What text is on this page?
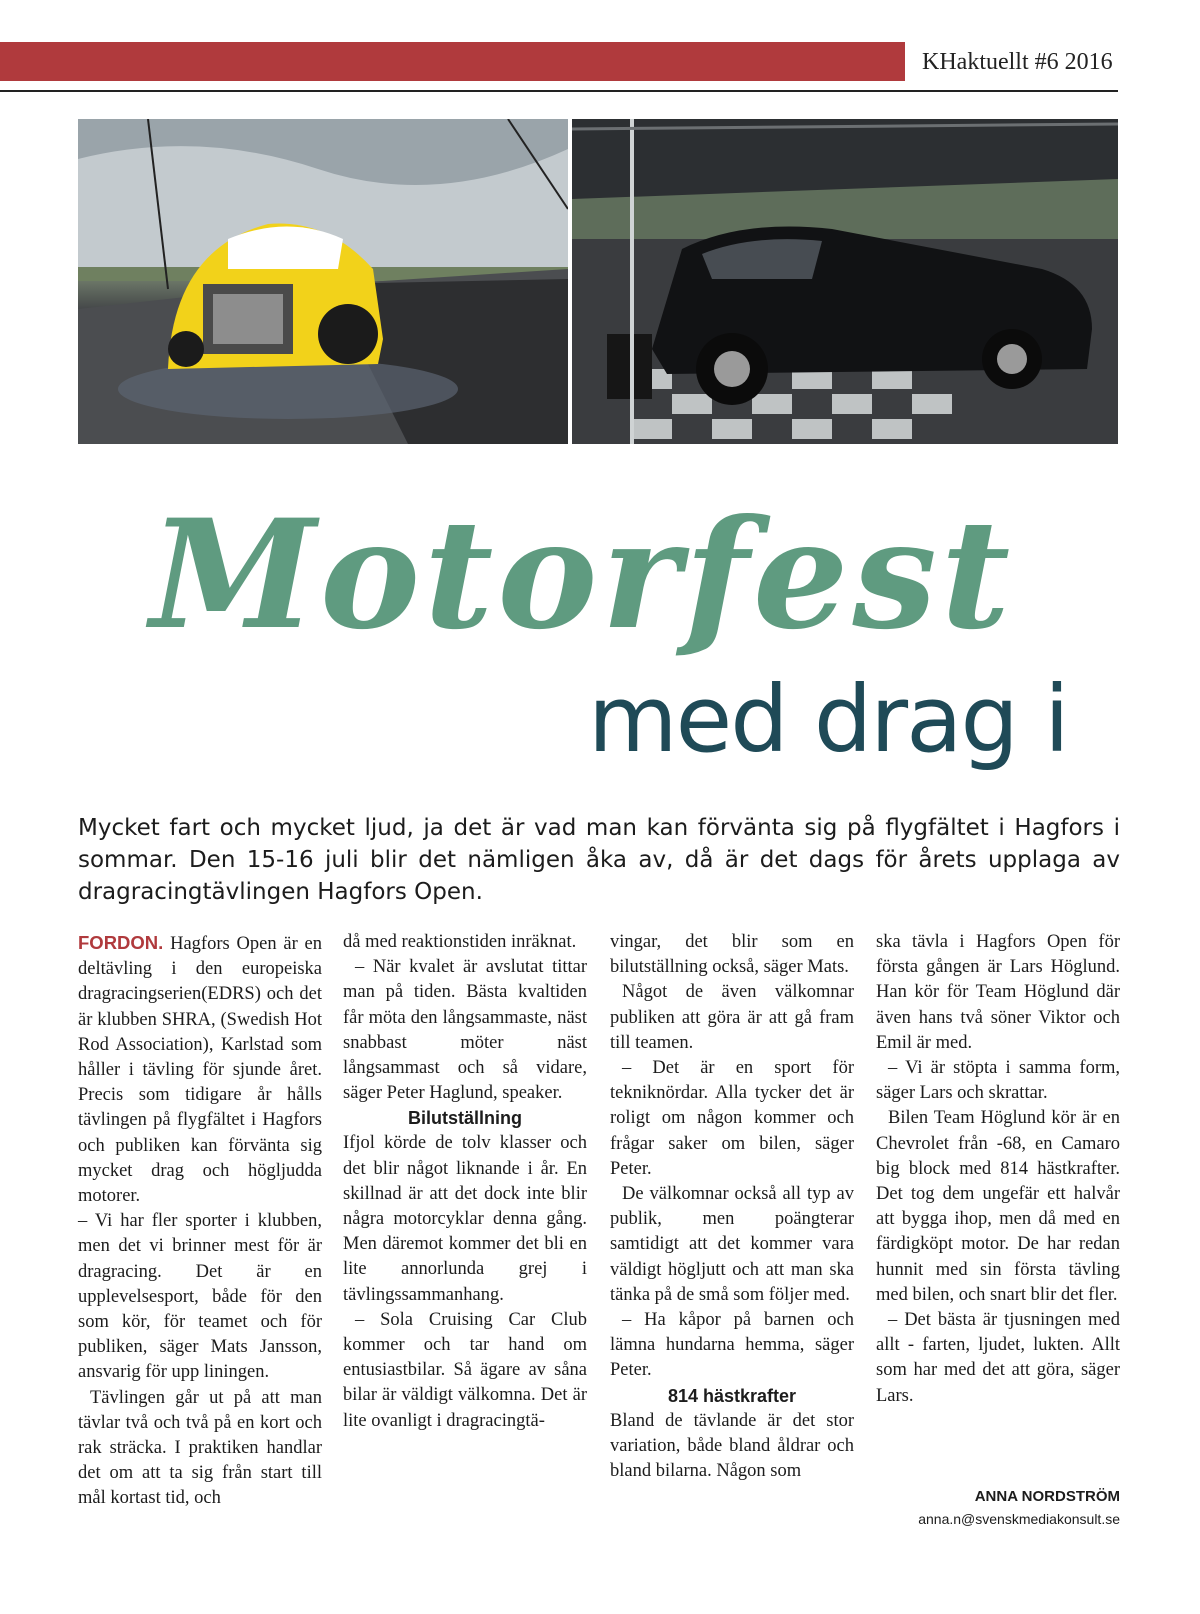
KHaktuellt #6 2016
Motorfest
med drag i
Mycket fart och mycket ljud, ja det är vad man kan förvänta sig på flygfältet i Hagfors i sommar. Den 15-16 juli blir det nämligen åka av, då är det dags för årets upplaga av dragracingtävlingen Hagfors Open.

FORDON. Hagfors Open är en deltävling i den europeiska dragracingserien(EDRS) och det är klubben SHRA, (Swedish Hot Rod Association), Karlstad som håller i tävling för sjunde året. Precis som tidigare år hålls tävlingen på flygfältet i Hagfors och publiken kan förvänta sig mycket drag och högljudda motorer.

– Vi har fler sporter i klubben, men det vi brinner mest för är dragracing. Det är en upplevelsesport, både för den som kör, för teamet och för publiken, säger Mats Jansson, ansvarig för upp liningen.

Tävlingen går ut på att man tävlar två och två på en kort och rak sträcka. I praktiken handlar det om att ta sig från start till mål kortast tid, och

då med reaktionstiden inräknat.

– När kvalet är avslutat tittar man på tiden. Bästa kvaltiden får möta den långsammaste, näst snabbast möter näst långsammast och så vidare, säger Peter Haglund, speaker.

Bilutställning

Ifjol körde de tolv klasser och det blir något liknande i år. En skillnad är att det dock inte blir några motorcyklar denna gång. Men däremot kommer det bli en lite annorlunda grej i tävlingssammanhang.

– Sola Cruising Car Club kommer och tar hand om entusiastbilar. Så ägare av såna bilar är väldigt välkomna. Det är lite ovanligt i dragracingtä-

vingar, det blir som en bilutställning också, säger Mats.

Något de även välkomnar publiken att göra är att gå fram till teamen.

– Det är en sport för tekniknördar. Alla tycker det är roligt om någon kommer och frågar saker om bilen, säger Peter.

De välkomnar också all typ av publik, men poängterar samtidigt att det kommer vara väldigt högljutt och att man ska tänka på de små som följer med.

– Ha kåpor på barnen och lämna hundarna hemma, säger Peter.

814 hästkrafter

Bland de tävlande är det stor variation, både bland åldrar och bland bilarna. Någon som

ska tävla i Hagfors Open för första gången är Lars Höglund. Han kör för Team Höglund där även hans två söner Viktor och Emil är med.

– Vi är stöpta i samma form, säger Lars och skrattar.

Bilen Team Höglund kör är en Chevrolet från -68, en Camaro big block med 814 hästkrafter. Det tog dem ungefär ett halvår att bygga ihop, men då med en färdigköpt motor. De har redan hunnit med sin första tävling med bilen, och snart blir det fler.

– Det bästa är tjusningen med allt - farten, ljudet, lukten. Allt som har med det att göra, säger Lars.

ANNA NORDSTRÖM
anna.n@svenskmediakonsult.se
